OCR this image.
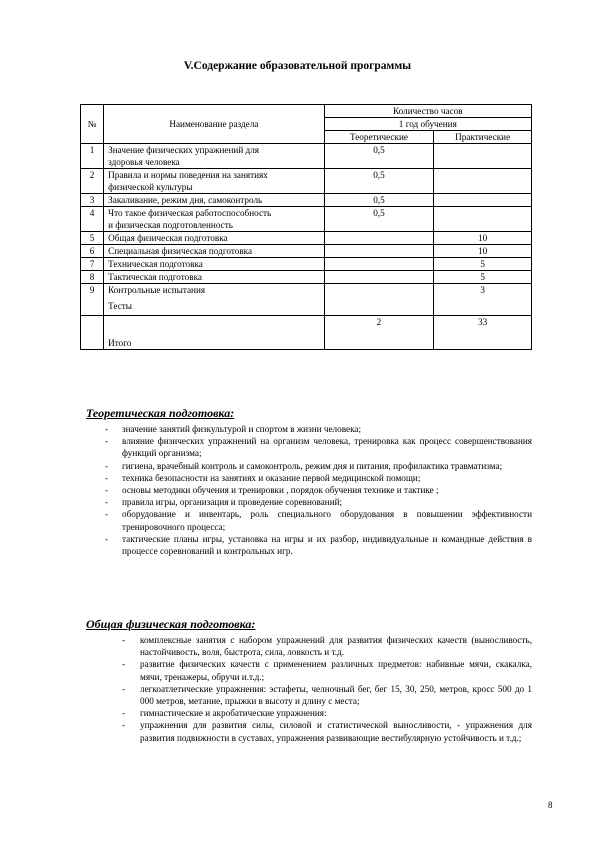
V.Содержание образовательной программы
№	Наименование раздела	Количество часов	
		1 год обучения	
		Теоретические	Практические
1	Значение физических упражнений для
здоровья человека	0,5	
2	Правила и нормы поведения на занятиях
физической культуры	0,5	
3	Закаливание, режим дня, самоконтроль	0,5	
4	Что такое физическая работоспособность
и физическая подготовленность	0,5	
5	Общая физическая подготовка		10
6	Специальная физическая подготовка		10
7	Техническая подготовка		5
8	Тактическая подготовка		5
9	Контрольные испытания
Тесты		3
	Итого	2	33
Теоретическая подготовка:
- значение занятий физкультурой и спортом в жизни человека;
- влияние физических упражнений на организм человека, тренировка как процесс совершенствования функций организма;
- гигиена, врачебный контроль и самоконтроль, режим дня и питания, профилактика травматизма;
- техника безопасности на занятиях и оказание первой медицинской помощи;
- основы методики обучения и тренировки , порядок обучения технике и тактике ;
- правила игры, организация и проведение соревнований;
- оборудование и инвентарь, роль специального оборудования в повышении эффективности тренировочного процесса;
- тактические планы игры, установка на игры и их разбор, индивидуальные и командные действия в процессе соревнований и контрольных игр.
Общая физическая подготовка:
- комплексные занятия с набором упражнений для развития физических качеств (выносливость, настойчивость, воля, быстрота, сила, ловкость и т.д.
- развитие физических качеств с применением различных предметов: набивные мячи, скакалка, мячи, тренажеры, обручи и.т.д.;
- легкоатлетические упражнения: эстафеты, челночный бег, бег 15, 30, 250, метров, кросс 500 до 1 000 метров, метание, прыжки в высоту и длину с места;
- гимнастические и акробатические упражнения:
- упражнения для развития силы, силовой и статистической выносливости, - упражнения для развития подвижности в суставах, упражнения развивающие вестибулярную устойчивость и т.д.;
8
